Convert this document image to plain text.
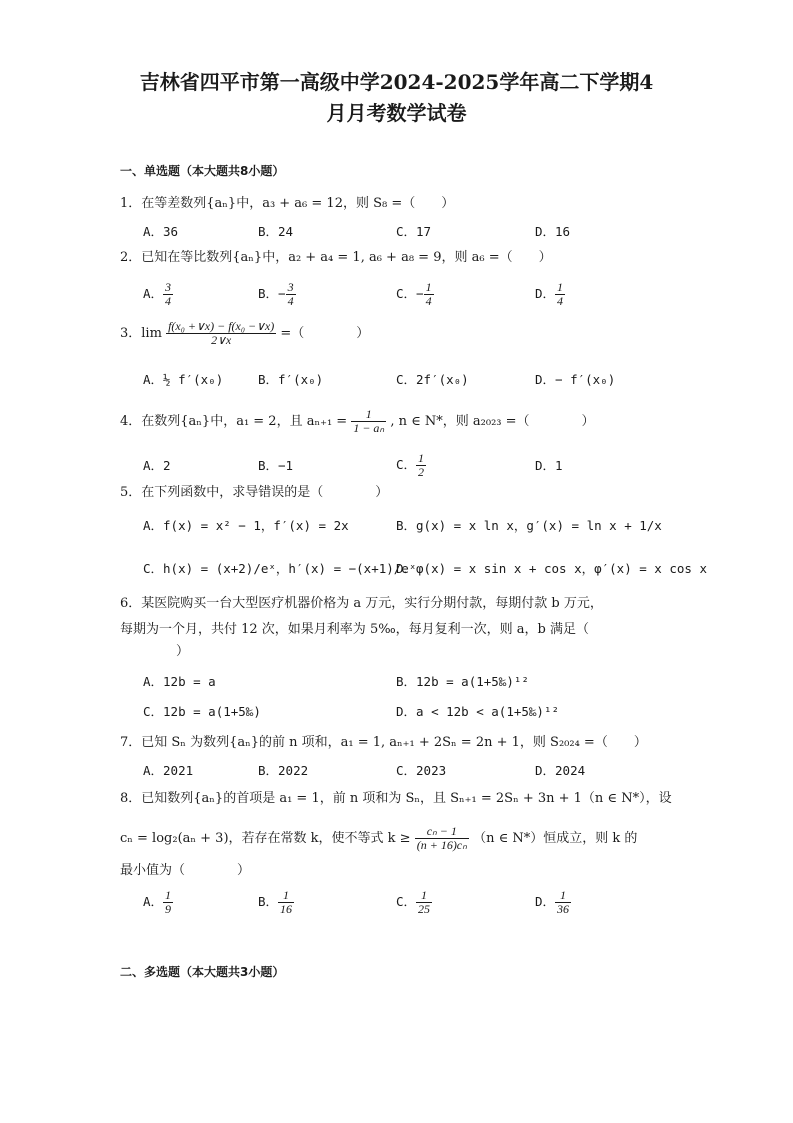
吉林省四平市第一高级中学2024-2025学年高二下学期4
月月考数学试卷
一、单选题（本大题共8小题）
1．在等差数列{aₙ}中，a₃ + a₆ = 12，则 S₈ =（　　）
A．36	B．24	C．17	D．16
2．已知在等比数列{aₙ}中，a₂ + a₄ = 1, a₆ + a₈ = 9，则 a₆ =（　　）
A． $\frac{3}{4}$	B．− $\frac{3}{4}$	C．− $\frac{1}{4}$	D． $\frac{1}{4}$
3．$\lim \frac{\text{f(x₀ +∨x) − f(x₀ −∨x)}}{2\vee x}$ =（　　　　）
A．½ f′(x₀)	B．f′(x₀)	C．2f′(x₀)	D．− f′(x₀)
4．在数列{aₙ}中，a₁ = 2，且 $a_{n+1} = \frac{1}{\text{1 − aₙ}}$ , n ∈ N*，则 a₂₀₂₃ =（　　　　）
A．2	B．−1	C． $\frac{1}{2}$	D．1
5．在下列函数中，求导错误的是（　　　　）
A．f(x) = x² − 1，f′(x) = 2x	B．g(x) = x ln x，g′(x) = ln x + 1/x
C．h(x) = (x+2)/eˣ，h′(x) = −(x+1)/eˣ
D．φ(x) = x sin x + cos x，φ′(x) = x cos x
6．某医院购买一台大型医疗机器价格为 a 万元，实行分期付款，每期付款 b 万元，
每期为一个月，共付 12 次，如果月利率为 5‰，每月复利一次，则 a，b 满足（
）
A．12b = a	B．12b = a(1+5‰)¹²
C．12b = a(1+5‰)	D．a < 12b < a(1+5‰)¹²
7．已知 Sₙ 为数列{aₙ}的前 n 项和，a₁ = 1, aₙ₊₁ + 2Sₙ = 2n + 1，则 S₂₀₂₄ =（　　）
A．2021	B．2022	C．2023	D．2024
8．已知数列{aₙ}的首项是 a₁ = 1，前 n 项和为 Sₙ，且 Sₙ₊₁ = 2Sₙ + 3n + 1（n ∈ N*），设
cₙ = log₂(aₙ + 3)，若存在常数 k，使不等式 $k \ge \frac{\text{cₙ − 1}}{\text{(n + 16)cₙ}} (n$ ∈ N*）恒成立，则 k 的
最小值为（　　　　）
A． $\frac{1}{9}$	B． $\frac{1}{16}$	C． $\frac{1}{25}$	D． $\frac{1}{36}$
二、多选题（本大题共3小题）
